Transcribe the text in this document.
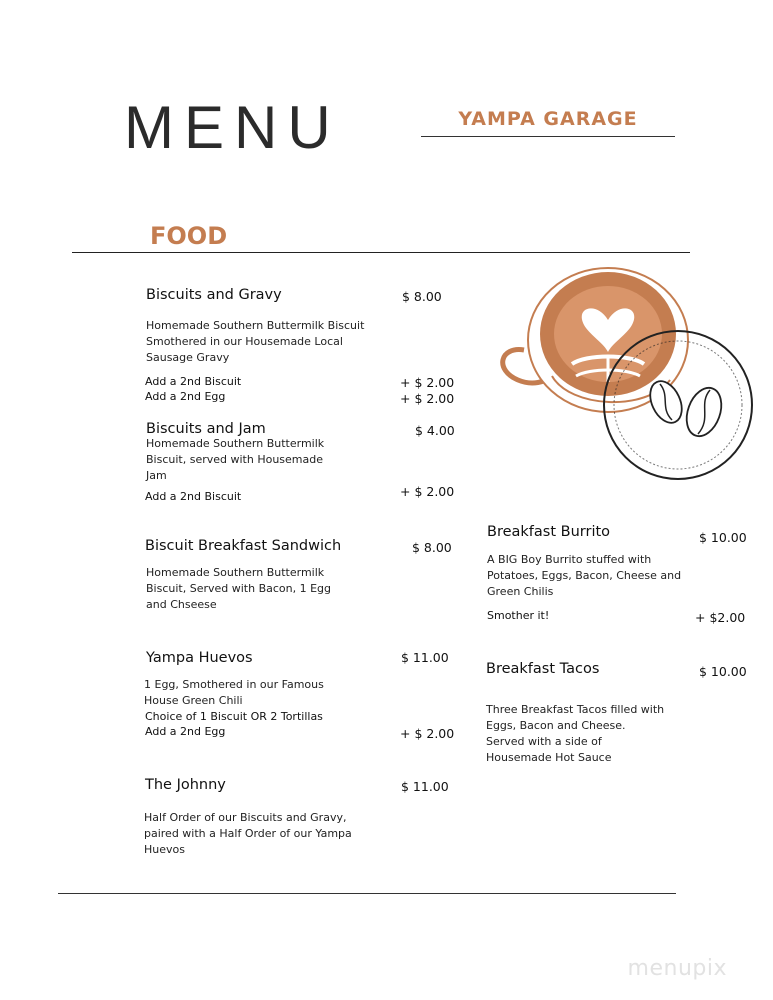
MENU	YAMPA GARAGE
FOOD
Biscuits and Gravy	$ 8.00
Homemade Southern Buttermilk Biscuit Smothered in our Housemade Local Sausage Gravy
Add a 2nd Biscuit	+ $ 2.00
Add a 2nd Egg	+ $ 2.00
Biscuits and Jam	$ 4.00
Homemade Southern Buttermilk Biscuit, served with Housemade Jam
Add a 2nd Biscuit	+ $ 2.00
Biscuit Breakfast Sandwich	$ 8.00
Homemade Southern Buttermilk Biscuit, Served with Bacon, 1 Egg and Chseese
Yampa Huevos	$ 11.00
1 Egg, Smothered in our Famous House Green Chili
Choice of 1 Biscuit OR 2 Tortillas
Add a 2nd Egg	+ $ 2.00
The Johnny	$ 11.00
Half Order of our Biscuits and Gravy, paired with a Half Order of our Yampa Huevos
Breakfast Burrito	$ 10.00
A BIG Boy Burrito stuffed with Potatoes, Eggs, Bacon, Cheese and Green Chilis
Smother it!	+ $2.00
Breakfast Tacos	$ 10.00
Three Breakfast Tacos filled with Eggs, Bacon and Cheese. Served with a side of Housemade Hot Sauce
menupix
